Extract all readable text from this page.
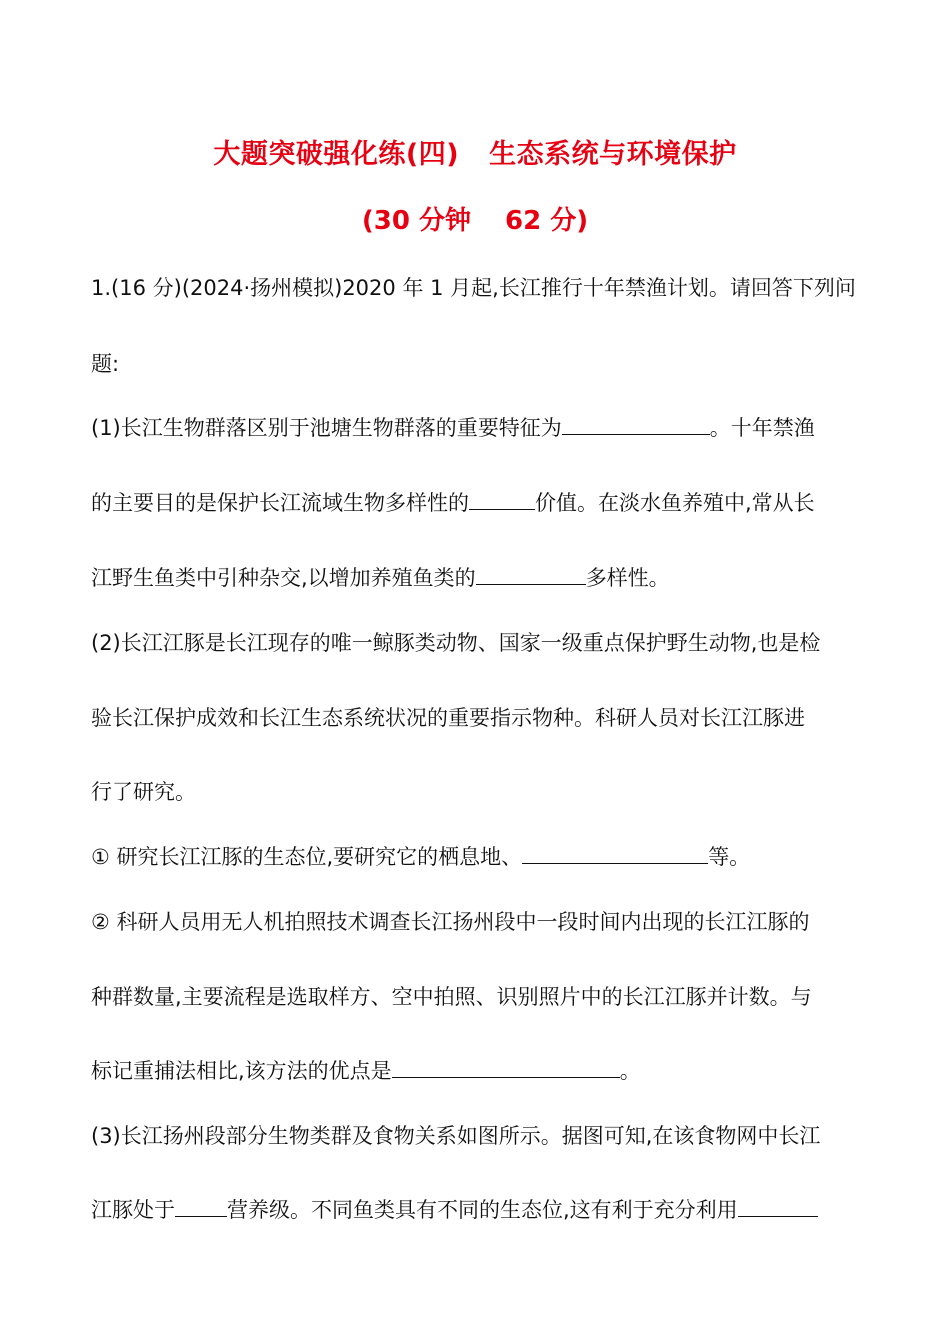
大题突破强化练(四) 生态系统与环境保护
(30 分钟 62 分)
1.(16 分)(2024·扬州模拟)2020 年 1 月起,长江推行十年禁渔计划。请回答下列问
题:
(1)长江生物群落区别于池塘生物群落的重要特征为	。十年禁渔
的主要目的是保护长江流域生物多样性的	价值。在淡水鱼养殖中,常从长
江野生鱼类中引种杂交,以增加养殖鱼类的	多样性。
(2)长江江豚是长江现存的唯一鲸豚类动物、国家一级重点保护野生动物,也是检
验长江保护成效和长江生态系统状况的重要指示物种。科研人员对长江江豚进
行了研究。
① 研究长江江豚的生态位,要研究它的栖息地、	等。
② 科研人员用无人机拍照技术调查长江扬州段中一段时间内出现的长江江豚的
种群数量,主要流程是选取样方、空中拍照、识别照片中的长江江豚并计数。与
标记重捕法相比,该方法的优点是	。
(3)长江扬州段部分生物类群及食物关系如图所示。据图可知,在该食物网中长江
江豚处于 营养级。不同鱼类具有不同的生态位,这有利于充分利用
